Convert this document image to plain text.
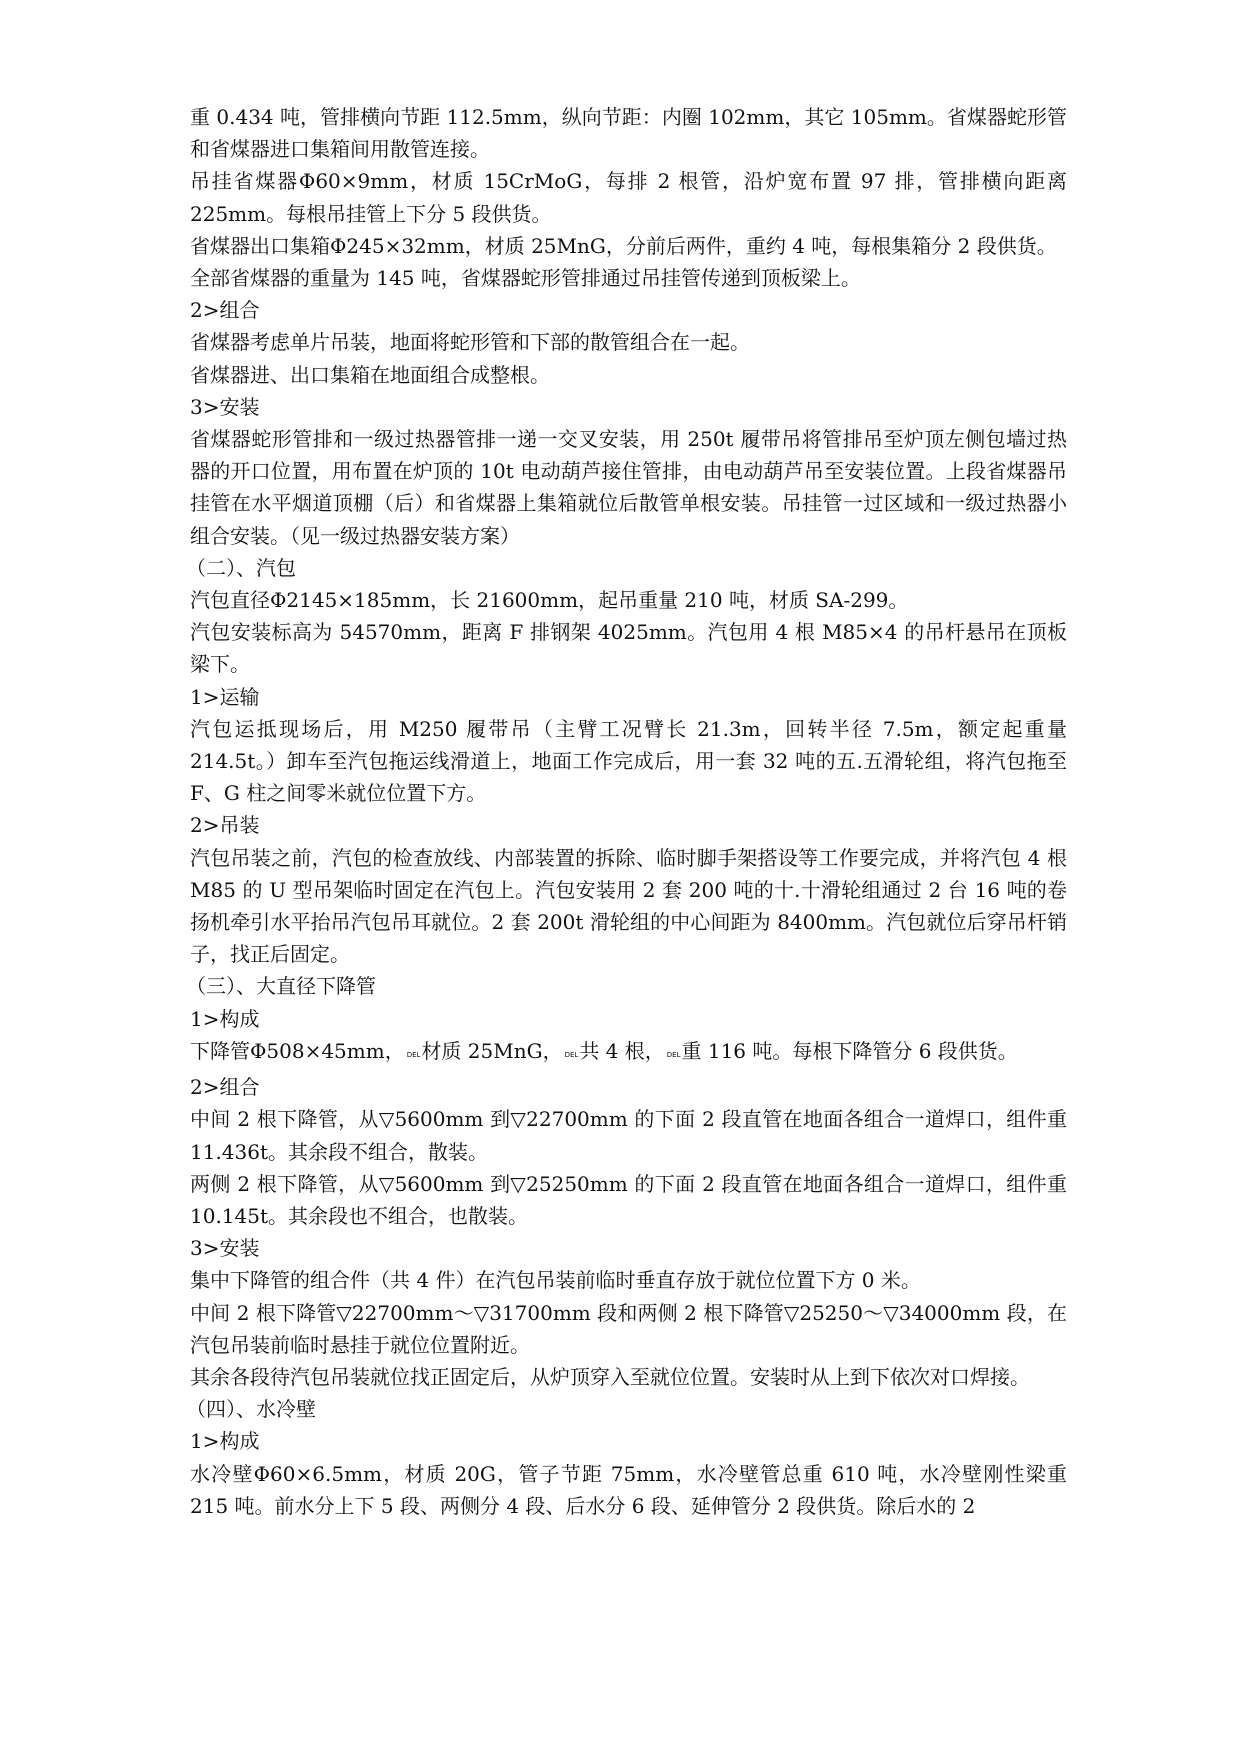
重 0.434 吨，管排横向节距 112.5mm，纵向节距：内圈 102mm，其它 105mm。省煤器蛇形管和省煤器进口集箱间用散管连接。

吊挂省煤器Φ60×9mm，材质 15CrMoG，每排 2 根管，沿炉宽布置 97 排，管排横向距离 225mm。每根吊挂管上下分 5 段供货。

省煤器出口集箱Φ245×32mm，材质 25MnG，分前后两件，重约 4 吨，每根集箱分 2 段供货。

全部省煤器的重量为 145 吨，省煤器蛇形管排通过吊挂管传递到顶板梁上。

2>组合

省煤器考虑单片吊装，地面将蛇形管和下部的散管组合在一起。

省煤器进、出口集箱在地面组合成整根。

3>安装

省煤器蛇形管排和一级过热器管排一递一交叉安装，用 250t 履带吊将管排吊至炉顶左侧包墙过热器的开口位置，用布置在炉顶的 10t 电动葫芦接住管排，由电动葫芦吊至安装位置。上段省煤器吊挂管在水平烟道顶棚（后）和省煤器上集箱就位后散管单根安装。吊挂管一过区域和一级过热器小组合安装。（见一级过热器安装方案）

（二）、汽包

汽包直径Φ2145×185mm，长 21600mm，起吊重量 210 吨，材质 SA-299。

汽包安装标高为 54570mm，距离 F 排钢架 4025mm。汽包用 4 根 M85×4 的吊杆悬吊在顶板梁下。

1>运输

汽包运抵现场后，用 M250 履带吊（主臂工况臂长 21.3m，回转半径 7.5m，额定起重量 214.5t。）卸车至汽包拖运线滑道上，地面工作完成后，用一套 32 吨的五.五滑轮组，将汽包拖至 F、G 柱之间零米就位位置下方。

2>吊装

汽包吊装之前，汽包的检查放线、内部装置的拆除、临时脚手架搭设等工作要完成，并将汽包 4 根 M85 的 U 型吊架临时固定在汽包上。汽包安装用 2 套 200 吨的十.十滑轮组通过 2 台 16 吨的卷扬机牵引水平抬吊汽包吊耳就位。2 套 200t 滑轮组的中心间距为 8400mm。汽包就位后穿吊杆销子，找正后固定。

（三）、大直径下降管

1>构成

下降管Φ508×45mm， DEL材质 25MnG， DEL共 4 根， DEL重 116 吨。每根下降管分 6 段供货。

2>组合

中间 2 根下降管，从▽5600mm 到▽22700mm 的下面 2 段直管在地面各组合一道焊口，组件重 11.436t。其余段不组合，散装。

两侧 2 根下降管，从▽5600mm 到▽25250mm 的下面 2 段直管在地面各组合一道焊口，组件重 10.145t。其余段也不组合，也散装。

3>安装

集中下降管的组合件（共 4 件）在汽包吊装前临时垂直存放于就位位置下方 0 米。

中间 2 根下降管▽22700mm～▽31700mm 段和两侧 2 根下降管▽25250～▽34000mm 段，在汽包吊装前临时悬挂于就位位置附近。

其余各段待汽包吊装就位找正固定后，从炉顶穿入至就位位置。安装时从上到下依次对口焊接。

（四）、水冷壁

1>构成

水冷壁Φ60×6.5mm，材质 20G，管子节距 75mm，水冷壁管总重 610 吨，水冷壁刚性梁重 215 吨。前水分上下 5 段、两侧分 4 段、后水分 6 段、延伸管分 2 段供货。除后水的 2
